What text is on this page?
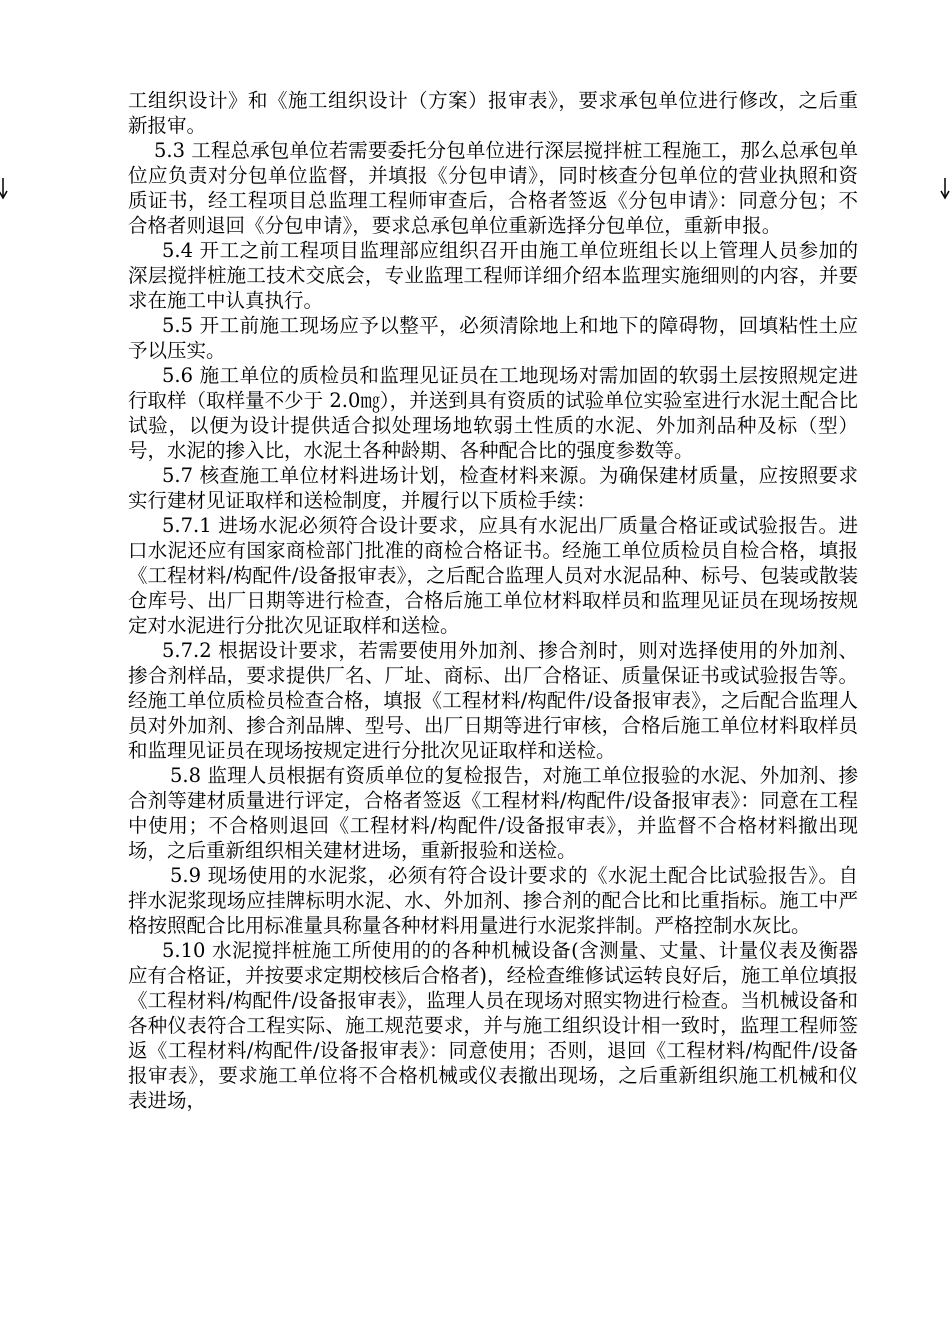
工组织设计》和《施工组织设计（方案）报审表》，要求承包单位进行修改，之后重新报审。

5.3 工程总承包单位若需要委托分包单位进行深层搅拌桩工程施工，那么总承包单位应负责对分包单位监督，并填报《分包申请》，同时核查分包单位的营业执照和资质证书，经工程项目总监理工程师审查后，合格者签返《分包申请》：同意分包；不合格者则退回《分包申请》，要求总承包单位重新选择分包单位，重新申报。

5.4 开工之前工程项目监理部应组织召开由施工单位班组长以上管理人员参加的深层搅拌桩施工技术交底会，专业监理工程师详细介绍本监理实施细则的内容，并要求在施工中认真执行。

5.5 开工前施工现场应予以整平，必须清除地上和地下的障碍物，回填粘性土应予以压实。

5.6 施工单位的质检员和监理见证员在工地现场对需加固的软弱土层按照规定进行取样（取样量不少于 2.0㎎），并送到具有资质的试验单位实验室进行水泥土配合比试验，以便为设计提供适合拟处理场地软弱土性质的水泥、外加剂品种及标（型）号，水泥的掺入比，水泥土各种龄期、各种配合比的强度参数等。

5.7 核查施工单位材料进场计划，检查材料来源。为确保建材质量，应按照要求实行建材见证取样和送检制度，并履行以下质检手续：

5.7.1 进场水泥必须符合设计要求，应具有水泥出厂质量合格证或试验报告。进口水泥还应有国家商检部门批准的商检合格证书。经施工单位质检员自检合格，填报《工程材料/构配件/设备报审表》，之后配合监理人员对水泥品种、标号、包装或散装仓库号、出厂日期等进行检查，合格后施工单位材料取样员和监理见证员在现场按规定对水泥进行分批次见证取样和送检。

5.7.2 根据设计要求，若需要使用外加剂、掺合剂时，则对选择使用的外加剂、掺合剂样品，要求提供厂名、厂址、商标、出厂合格证、质量保证书或试验报告等。经施工单位质检员检查合格，填报《工程材料/构配件/设备报审表》，之后配合监理人员对外加剂、掺合剂品牌、型号、出厂日期等进行审核，合格后施工单位材料取样员和监理见证员在现场按规定进行分批次见证取样和送检。

5.8 监理人员根据有资质单位的复检报告，对施工单位报验的水泥、外加剂、掺合剂等建材质量进行评定，合格者签返《工程材料/构配件/设备报审表》：同意在工程中使用；不合格则退回《工程材料/构配件/设备报审表》，并监督不合格材料撤出现场，之后重新组织相关建材进场，重新报验和送检。

5.9 现场使用的水泥浆，必须有符合设计要求的《水泥土配合比试验报告》。自拌水泥浆现场应挂牌标明水泥、水、外加剂、掺合剂的配合比和比重指标。施工中严格按照配合比用标准量具称量各种材料用量进行水泥浆拌制。严格控制水灰比。

5.10 水泥搅拌桩施工所使用的的各种机械设备(含测量、丈量、计量仪表及衡器应有合格证，并按要求定期校核后合格者)，经检查维修试运转良好后，施工单位填报《工程材料/构配件/设备报审表》，监理人员在现场对照实物进行检查。当机械设备和各种仪表符合工程实际、施工规范要求，并与施工组织设计相一致时，监理工程师签返《工程材料/构配件/设备报审表》：同意使用；否则，退回《工程材料/构配件/设备报审表》，要求施工单位将不合格机械或仪表撤出现场，之后重新组织施工机械和仪表进场，
